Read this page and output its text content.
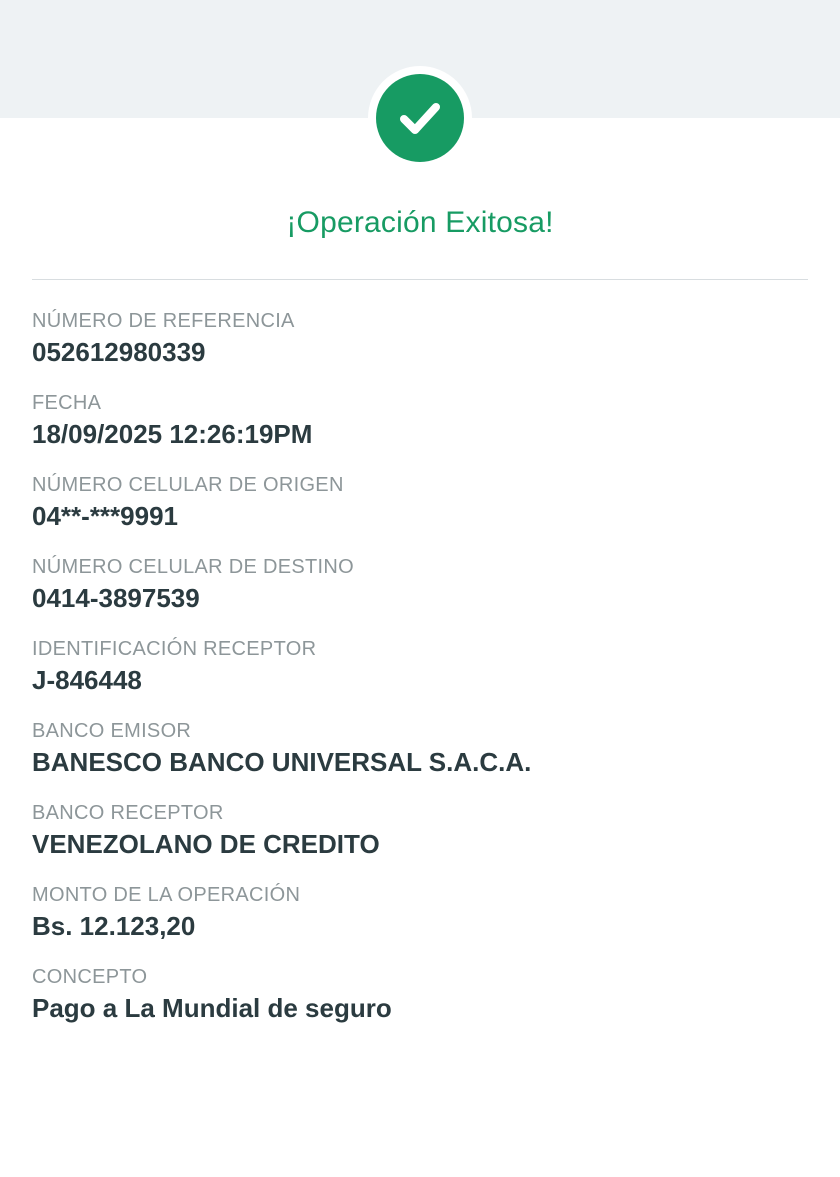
¡Operación Exitosa!
NÚMERO DE REFERENCIA
052612980339
FECHA
18/09/2025 12:26:19PM
NÚMERO CELULAR DE ORIGEN
04**-***9991
NÚMERO CELULAR DE DESTINO
0414-3897539
IDENTIFICACIÓN RECEPTOR
J-846448
BANCO EMISOR
BANESCO BANCO UNIVERSAL S.A.C.A.
BANCO RECEPTOR
VENEZOLANO DE CREDITO
MONTO DE LA OPERACIÓN
Bs. 12.123,20
CONCEPTO
Pago a La Mundial de seguro
